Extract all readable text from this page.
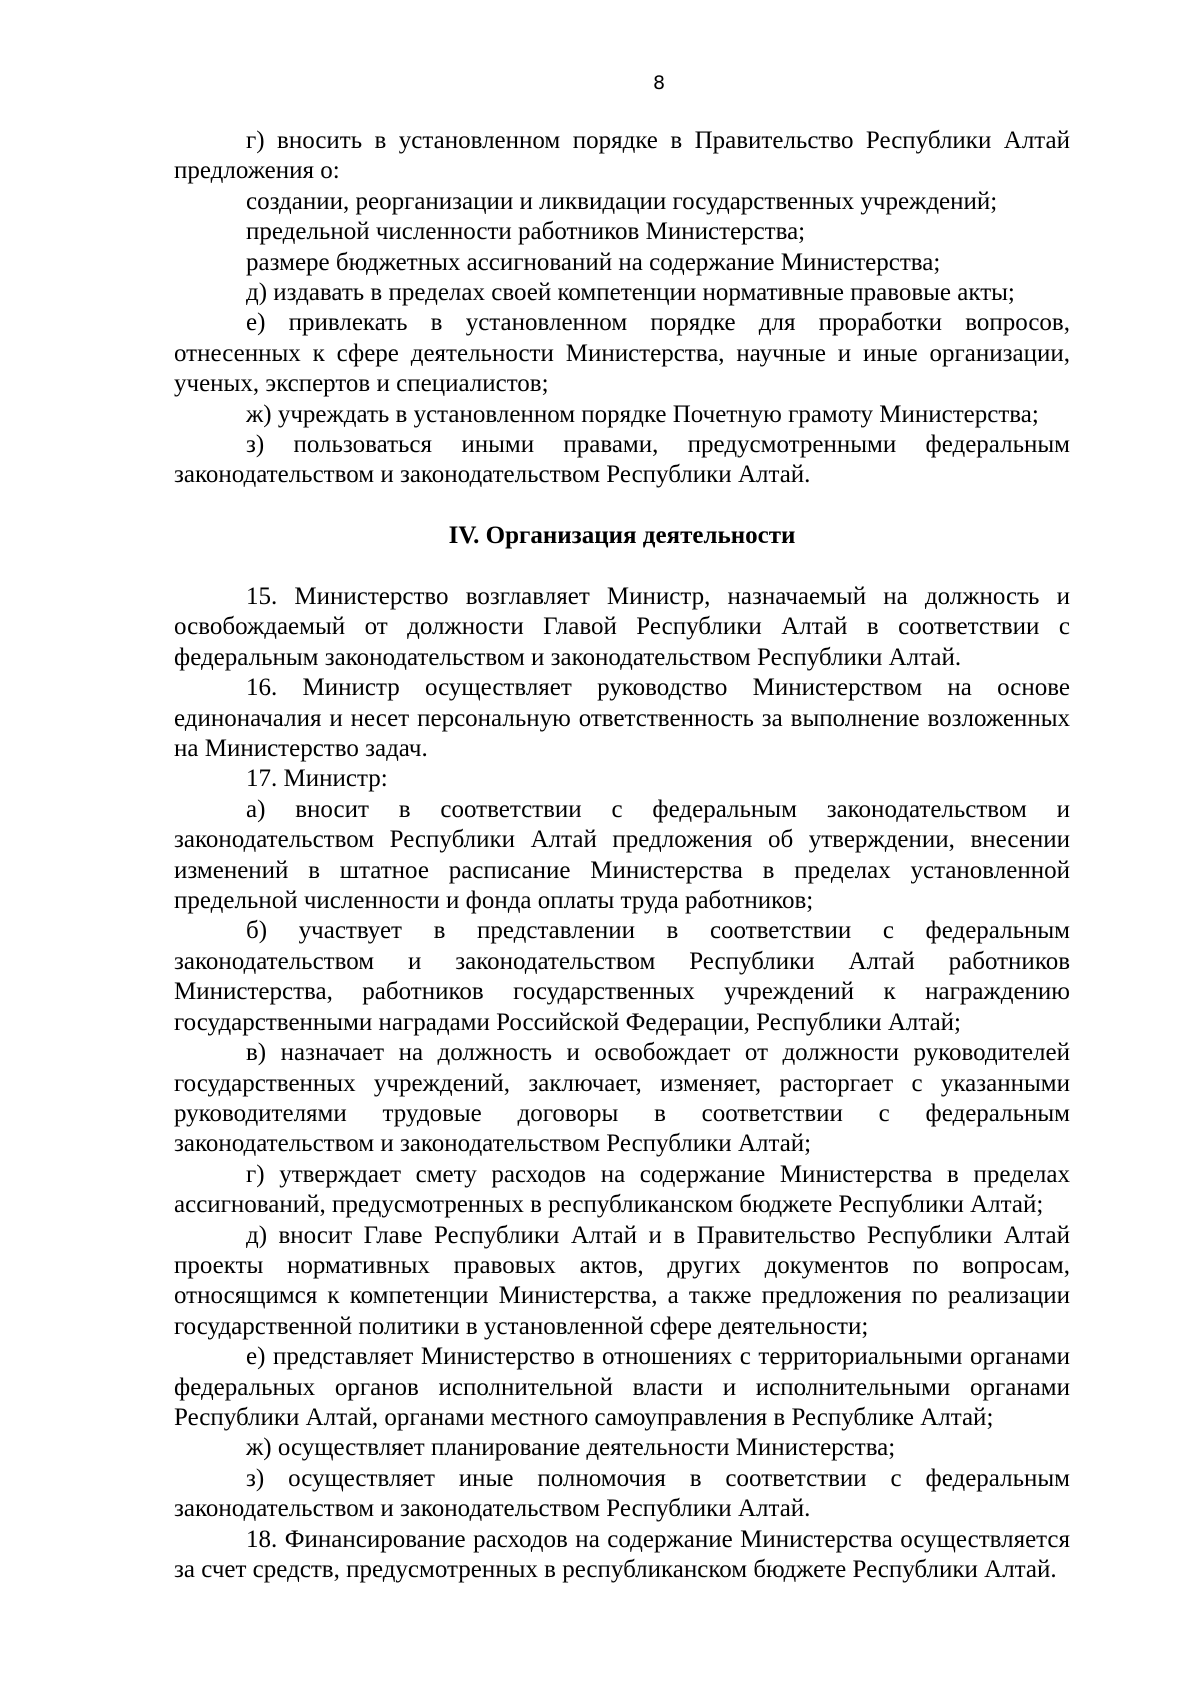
8

г) вносить в установленном порядке в Правительство Республики Алтай предложения о:

создании, реорганизации и ликвидации государственных учреждений;

предельной численности работников Министерства;

размере бюджетных ассигнований на содержание Министерства;

д) издавать в пределах своей компетенции нормативные правовые акты;

е) привлекать в установленном порядке для проработки вопросов, отнесенных к сфере деятельности Министерства, научные и иные организации, ученых, экспертов и специалистов;

ж) учреждать в установленном порядке Почетную грамоту Министерства;

з) пользоваться иными правами, предусмотренными федеральным законодательством и законодательством Республики Алтай.

IV. Организация деятельности

15. Министерство возглавляет Министр, назначаемый на должность и освобождаемый от должности Главой Республики Алтай в соответствии с федеральным законодательством и законодательством Республики Алтай.

16. Министр осуществляет руководство Министерством на основе единоначалия и несет персональную ответственность за выполнение возложенных на Министерство задач.

17. Министр:

а) вносит в соответствии с федеральным законодательством и законодательством Республики Алтай предложения об утверждении, внесении изменений в штатное расписание Министерства в пределах установленной предельной численности и фонда оплаты труда работников;

б) участвует в представлении в соответствии с федеральным законодательством и законодательством Республики Алтай работников Министерства, работников государственных учреждений к награждению государственными наградами Российской Федерации, Республики Алтай;

в) назначает на должность и освобождает от должности руководителей государственных учреждений, заключает, изменяет, расторгает с указанными руководителями трудовые договоры в соответствии с федеральным законодательством и законодательством Республики Алтай;

г) утверждает смету расходов на содержание Министерства в пределах ассигнований, предусмотренных в республиканском бюджете Республики Алтай;

д) вносит Главе Республики Алтай и в Правительство Республики Алтай проекты нормативных правовых актов, других документов по вопросам, относящимся к компетенции Министерства, а также предложения по реализации государственной политики в установленной сфере деятельности;

е) представляет Министерство в отношениях с территориальными органами федеральных органов исполнительной власти и исполнительными органами Республики Алтай, органами местного самоуправления в Республике Алтай;

ж) осуществляет планирование деятельности Министерства;

з) осуществляет иные полномочия в соответствии с федеральным законодательством и законодательством Республики Алтай.

18. Финансирование расходов на содержание Министерства осуществляется за счет средств, предусмотренных в республиканском бюджете Республики Алтай.
